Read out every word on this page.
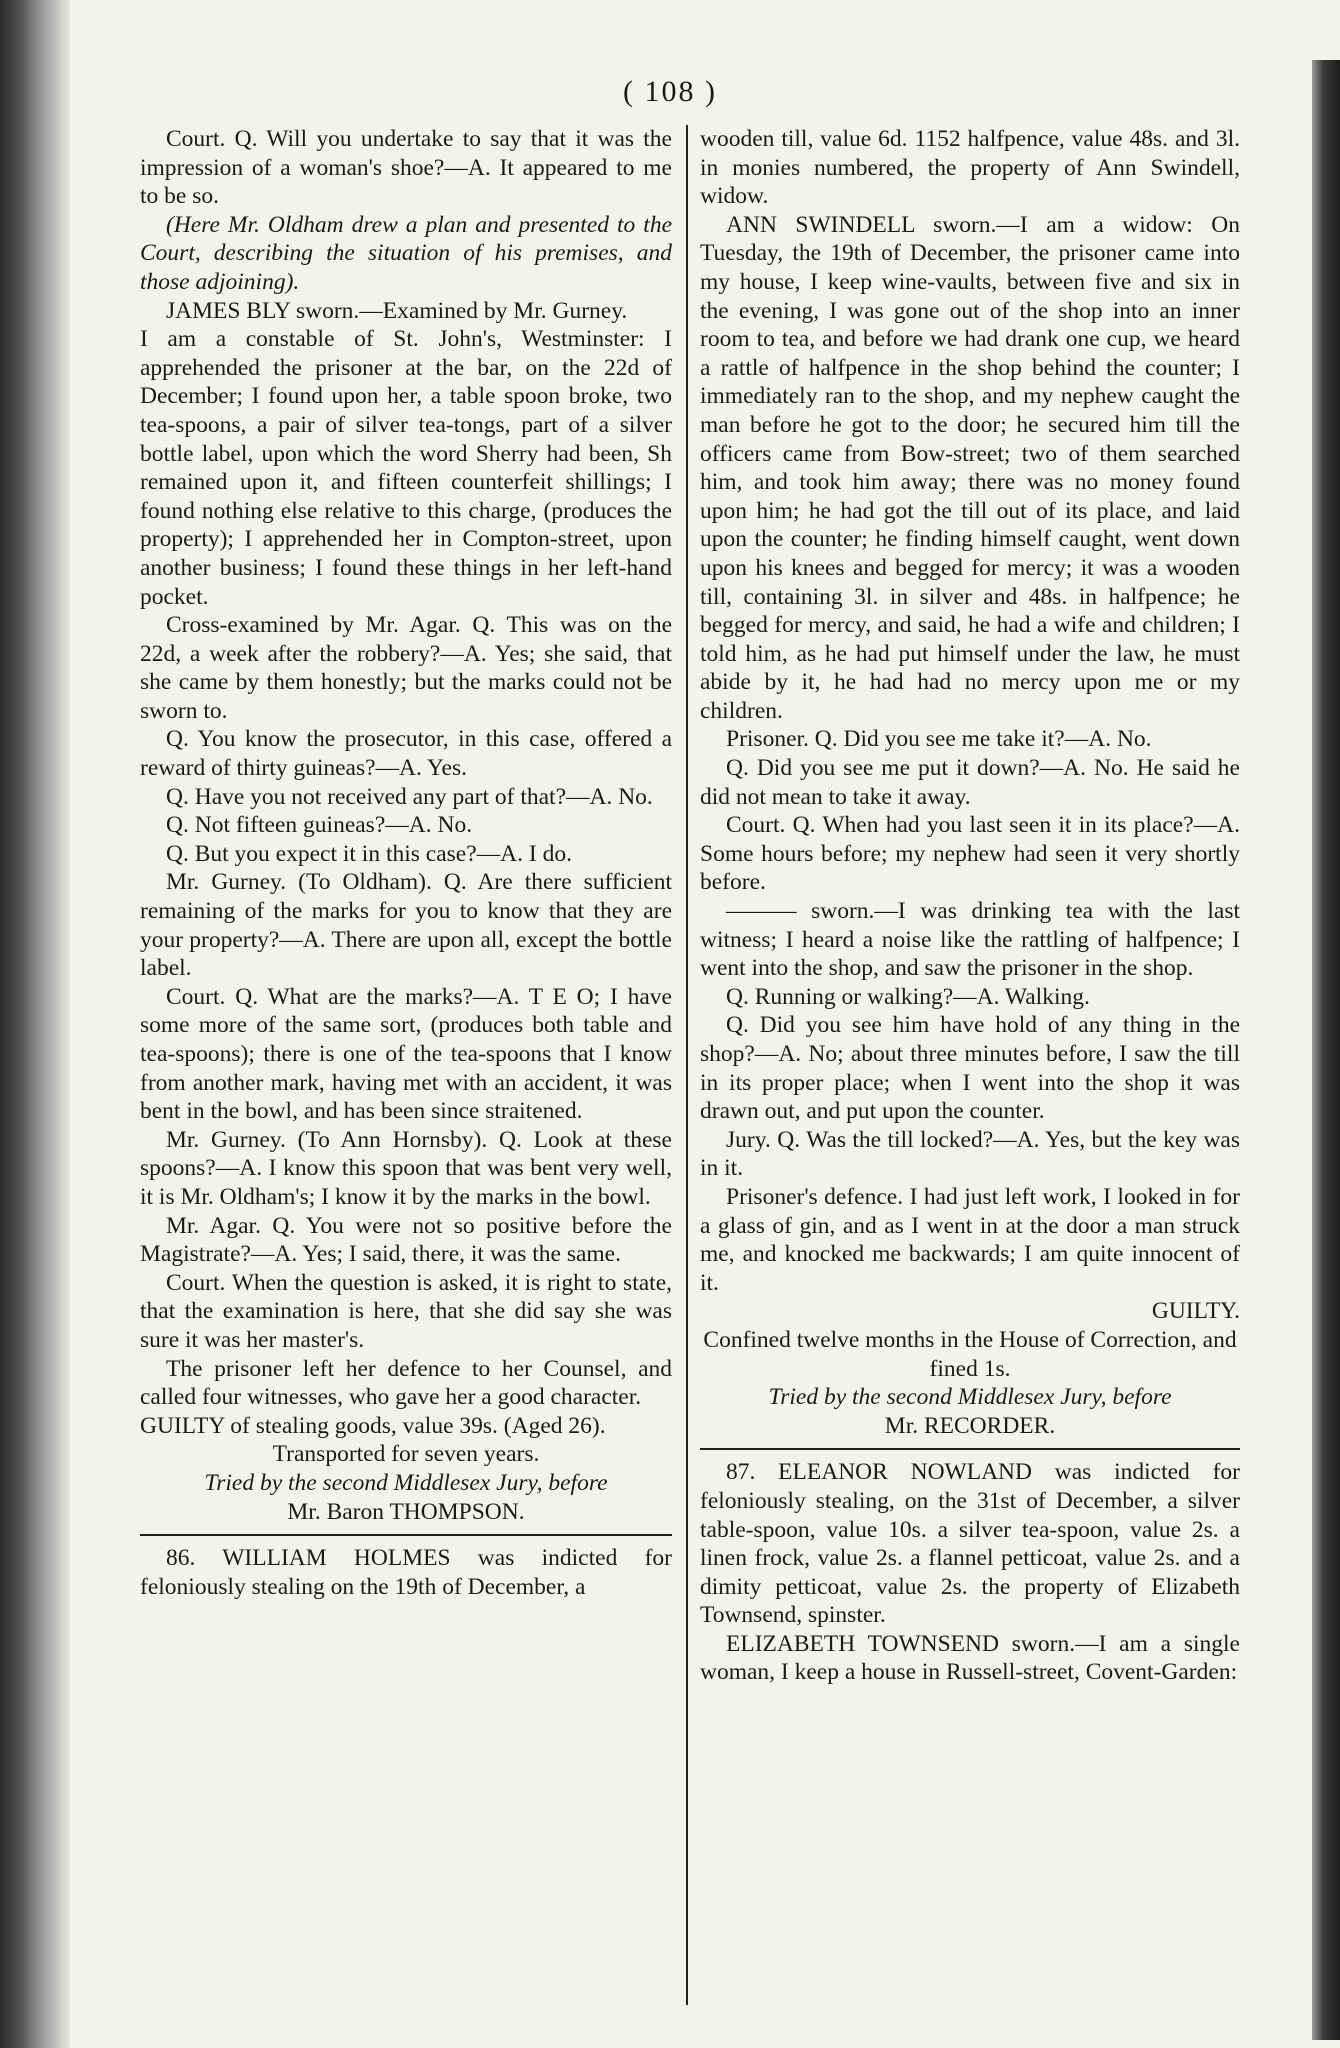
( 108 )

Court. Q. Will you undertake to say that it was the impression of a woman's shoe?—A. It appeared to me to be so.

(Here Mr. Oldham drew a plan and presented to the Court, describing the situation of his premises, and those adjoining).

JAMES BLY sworn.—Examined by Mr. Gurney.

I am a constable of St. John's, Westminster: I apprehended the prisoner at the bar, on the 22d of December; I found upon her, a table spoon broke, two tea-spoons, a pair of silver tea-tongs, part of a silver bottle label, upon which the word Sherry had been, Sh remained upon it, and fifteen counterfeit shillings; I found nothing else relative to this charge, (produces the property); I apprehended her in Compton-street, upon another business; I found these things in her left-hand pocket.

Cross-examined by Mr. Agar. Q. This was on the 22d, a week after the robbery?—A. Yes; she said, that she came by them honestly; but the marks could not be sworn to.

Q. You know the prosecutor, in this case, offered a reward of thirty guineas?—A. Yes.

Q. Have you not received any part of that?—A. No.

Q. Not fifteen guineas?—A. No.

Q. But you expect it in this case?—A. I do.

Mr. Gurney. (To Oldham). Q. Are there sufficient remaining of the marks for you to know that they are your property?—A. There are upon all, except the bottle label.

Court. Q. What are the marks?—A. T E O; I have some more of the same sort, (produces both table and tea-spoons); there is one of the tea-spoons that I know from another mark, having met with an accident, it was bent in the bowl, and has been since straitened.

Mr. Gurney. (To Ann Hornsby). Q. Look at these spoons?—A. I know this spoon that was bent very well, it is Mr. Oldham's; I know it by the marks in the bowl.

Mr. Agar. Q. You were not so positive before the Magistrate?—A. Yes; I said, there, it was the same.

Court. When the question is asked, it is right to state, that the examination is here, that she did say she was sure it was her master's.

The prisoner left her defence to her Counsel, and called four witnesses, who gave her a good character.

GUILTY of stealing goods, value 39s. (Aged 26).

Transported for seven years.

Tried by the second Middlesex Jury, before

Mr. Baron THOMPSON.

86. WILLIAM HOLMES was indicted for feloniously stealing on the 19th of December, a

wooden till, value 6d. 1152 halfpence, value 48s. and 3l. in monies numbered, the property of Ann Swindell, widow.

ANN SWINDELL sworn.—I am a widow: On Tuesday, the 19th of December, the prisoner came into my house, I keep wine-vaults, between five and six in the evening, I was gone out of the shop into an inner room to tea, and before we had drank one cup, we heard a rattle of halfpence in the shop behind the counter; I immediately ran to the shop, and my nephew caught the man before he got to the door; he secured him till the officers came from Bow-street; two of them searched him, and took him away; there was no money found upon him; he had got the till out of its place, and laid upon the counter; he finding himself caught, went down upon his knees and begged for mercy; it was a wooden till, containing 3l. in silver and 48s. in halfpence; he begged for mercy, and said, he had a wife and children; I told him, as he had put himself under the law, he must abide by it, he had had no mercy upon me or my children.

Prisoner. Q. Did you see me take it?—A. No.

Q. Did you see me put it down?—A. No. He said he did not mean to take it away.

Court. Q. When had you last seen it in its place?—A. Some hours before; my nephew had seen it very shortly before.

——— sworn.—I was drinking tea with the last witness; I heard a noise like the rattling of halfpence; I went into the shop, and saw the prisoner in the shop.

Q. Running or walking?—A. Walking.

Q. Did you see him have hold of any thing in the shop?—A. No; about three minutes before, I saw the till in its proper place; when I went into the shop it was drawn out, and put upon the counter.

Jury. Q. Was the till locked?—A. Yes, but the key was in it.

Prisoner's defence. I had just left work, I looked in for a glass of gin, and as I went in at the door a man struck me, and knocked me backwards; I am quite innocent of it.

GUILTY.

Confined twelve months in the House of Correction, and fined 1s.

Tried by the second Middlesex Jury, before

Mr. RECORDER.

87. ELEANOR NOWLAND was indicted for feloniously stealing, on the 31st of December, a silver table-spoon, value 10s. a silver tea-spoon, value 2s. a linen frock, value 2s. a flannel petticoat, value 2s. and a dimity petticoat, value 2s. the property of Elizabeth Townsend, spinster.

ELIZABETH TOWNSEND sworn.—I am a single woman, I keep a house in Russell-street, Covent-Garden:
